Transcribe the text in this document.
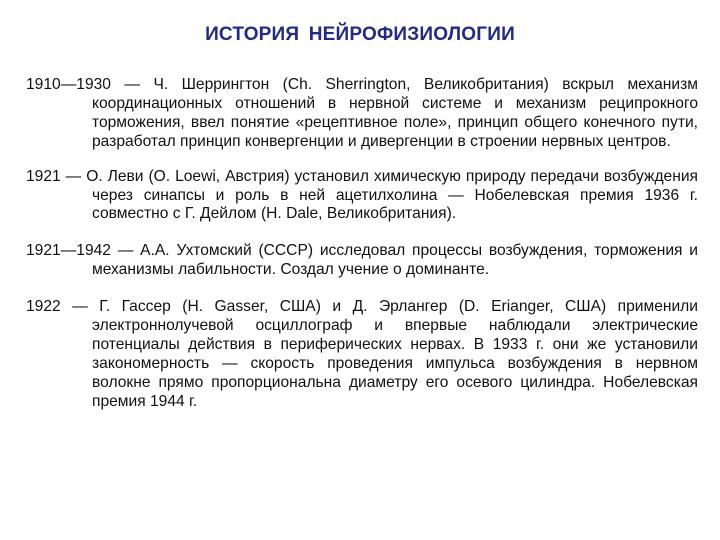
ИСТОРИЯ НЕЙРОФИЗИОЛОГИИ

1910—1930 — Ч. Шеррингтон (Ch. Sherrington, Великобритания) вскрыл механизм координационных отношений в нервной системе и механизм реципрокного торможения, ввел понятие «рецептивное поле», принцип общего конечного пути, разработал принцип конвергенции и дивергенции в строении нервных центров.

1921 — О. Леви (О. Loewi, Австрия) установил химическую природу передачи возбуждения через синапсы и роль в ней ацетилхолина — Нобелевская премия 1936 г. совместно с Г. Дейлом (Н. Dale, Великобритания).

1921—1942 — А.А. Ухтомский (СССР) исследовал процессы возбуждения, торможения и механизмы лабильности. Создал учение о доминанте.

1922 — Г. Гассер (Н. Gasser, США) и Д. Эрлангер (D. Erianger, США) применили электроннолучевой осциллограф и впервые наблюдали электрические потенциалы действия в периферических нервах. В 1933 г. они же установили закономерность — скорость проведения импульса возбуждения в нервном волокне прямо пропорциональна диаметру его осевого цилиндра. Нобелевская премия 1944 г.
